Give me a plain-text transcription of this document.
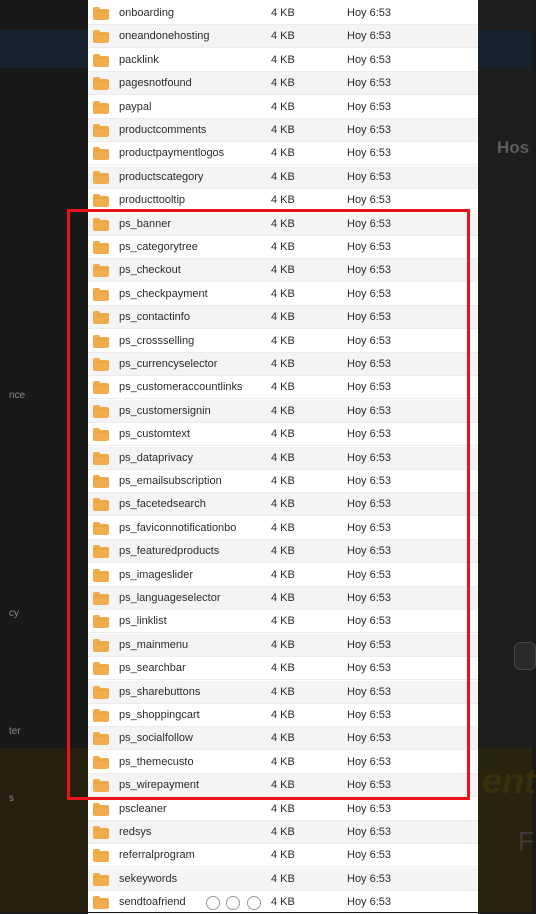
nce
cy
ter
s
Hos
ent
F
onboarding	4 KB	Hoy 6:53
oneandonehosting	4 KB	Hoy 6:53
packlink	4 KB	Hoy 6:53
pagesnotfound	4 KB	Hoy 6:53
paypal	4 KB	Hoy 6:53
productcomments	4 KB	Hoy 6:53
productpaymentlogos	4 KB	Hoy 6:53
productscategory	4 KB	Hoy 6:53
producttooltip	4 KB	Hoy 6:53
ps_banner	4 KB	Hoy 6:53
ps_categorytree	4 KB	Hoy 6:53
ps_checkout	4 KB	Hoy 6:53
ps_checkpayment	4 KB	Hoy 6:53
ps_contactinfo	4 KB	Hoy 6:53
ps_crossselling	4 KB	Hoy 6:53
ps_currencyselector	4 KB	Hoy 6:53
ps_customeraccountlinks	4 KB	Hoy 6:53
ps_customersignin	4 KB	Hoy 6:53
ps_customtext	4 KB	Hoy 6:53
ps_dataprivacy	4 KB	Hoy 6:53
ps_emailsubscription	4 KB	Hoy 6:53
ps_facetedsearch	4 KB	Hoy 6:53
ps_faviconnotificationbo	4 KB	Hoy 6:53
ps_featuredproducts	4 KB	Hoy 6:53
ps_imageslider	4 KB	Hoy 6:53
ps_languageselector	4 KB	Hoy 6:53
ps_linklist	4 KB	Hoy 6:53
ps_mainmenu	4 KB	Hoy 6:53
ps_searchbar	4 KB	Hoy 6:53
ps_sharebuttons	4 KB	Hoy 6:53
ps_shoppingcart	4 KB	Hoy 6:53
ps_socialfollow	4 KB	Hoy 6:53
ps_themecusto	4 KB	Hoy 6:53
ps_wirepayment	4 KB	Hoy 6:53
pscleaner	4 KB	Hoy 6:53
redsys	4 KB	Hoy 6:53
referralprogram	4 KB	Hoy 6:53
sekeywords	4 KB	Hoy 6:53
sendtoafriend	4 KB	Hoy 6:53
